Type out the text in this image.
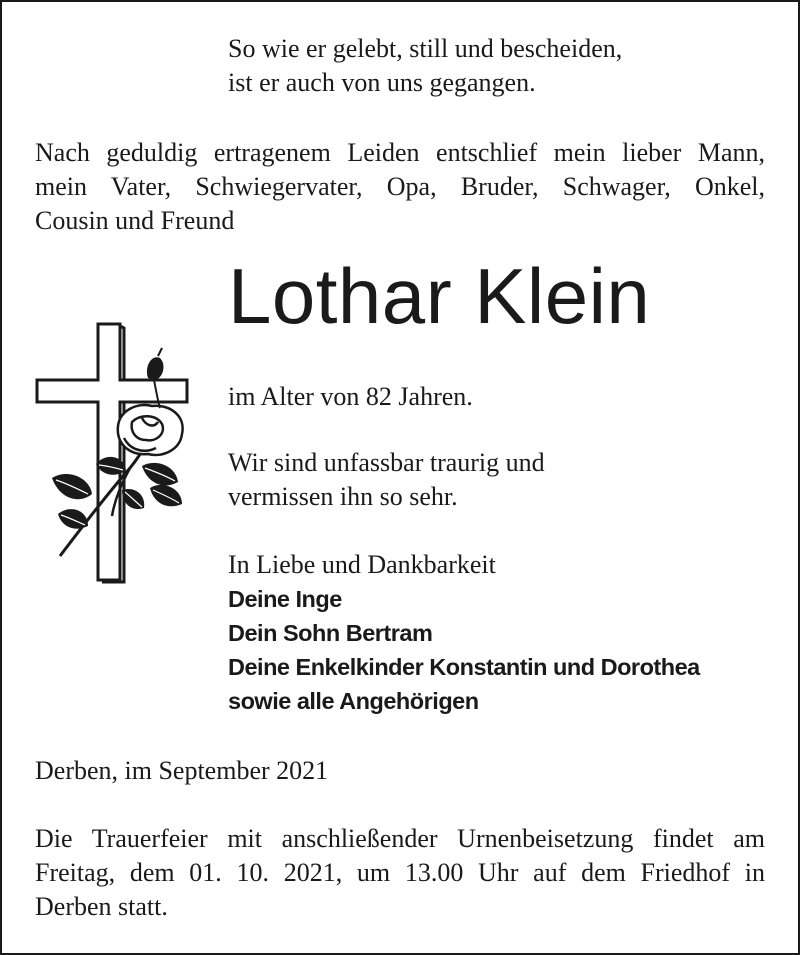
So wie er gelebt, still und bescheiden,
ist er auch von uns gegangen.
Nach geduldig ertragenem Leiden entschlief mein lieber Mann,
mein Vater, Schwiegervater, Opa, Bruder, Schwager, Onkel,
Cousin und Freund
Lothar Klein
im Alter von 82 Jahren.
Wir sind unfassbar traurig und
vermissen ihn so sehr.
In Liebe und Dankbarkeit
Deine Inge
Dein Sohn Bertram
Deine Enkelkinder Konstantin und Dorothea
sowie alle Angehörigen
Derben, im September 2021
Die Trauerfeier mit anschließender Urnenbeisetzung findet am
Freitag, dem 01. 10. 2021, um 13.00 Uhr auf dem Friedhof in
Derben statt.
